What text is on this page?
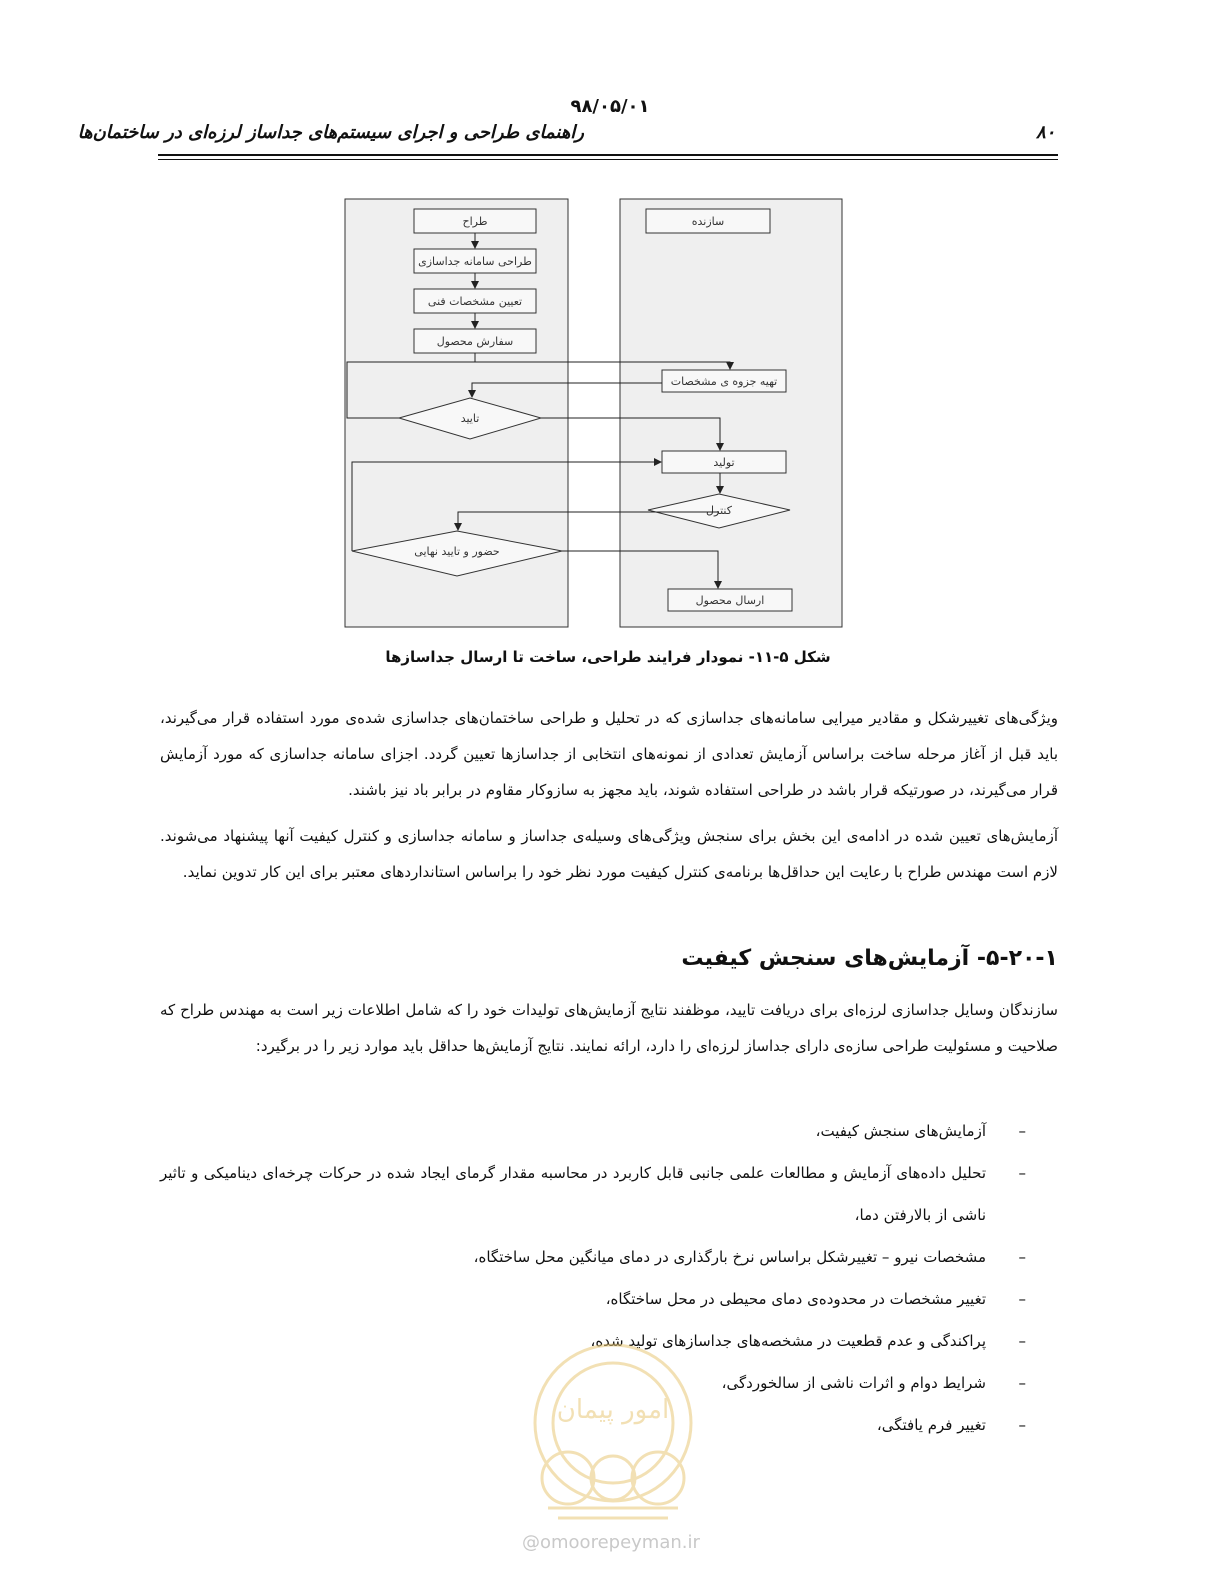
۹۸/۰۵/۰۱
راهنمای طراحی و اجرای سیستم‌های جداساز لرزه‌ای در ساختمان‌ها	۸۰
طراح
طراحی سامانه جداسازی
تعیین مشخصات فنی
سفارش محصول
سازنده
تهیه جزوه ی مشخصات
تولید
ارسال محصول
تایید
کنترل
حضور و تایید نهایی
شکل ۵-۱۱- نمودار فرایند طراحی، ساخت تا ارسال جداسازها

ویژگی‌های تغییرشکل و مقادیر میرایی سامانه‌های جداسازی که در تحلیل و طراحی ساختمان‌های جداسازی شده‌ی مورد استفاده قرار می‌گیرند، باید قبل از آغاز مرحله ساخت براساس آزمایش تعدادی از نمونه‌های انتخابی از جداسازها تعیین گردد. اجزای سامانه جداسازی که مورد آزمایش قرار می‌گیرند، در صورتیکه قرار باشد در طراحی استفاده شوند، باید مجهز به سازوکار مقاوم در برابر باد نیز باشند.

آزمایش‌های تعیین شده در ادامه‌ی این بخش برای سنجش ویژگی‌های وسیله‌ی جداساز و سامانه جداسازی و کنترل کیفیت آنها پیشنهاد می‌شوند. لازم است مهندس طراح با رعایت این حداقل‌ها برنامه‌ی کنترل کیفیت مورد نظر خود را براساس استانداردهای معتبر برای این کار تدوین نماید.

۵-۲۰-۱- آزمایش‌های سنجش کیفیت

سازندگان وسایل جداسازی لرزه‌ای برای دریافت تایید، موظفند نتایج آزمایش‌های تولیدات خود را که شامل اطلاعات زیر است به مهندس طراح که صلاحیت و مسئولیت طراحی سازه‌ی دارای جداساز لرزه‌ای را دارد، ارائه نمایند. نتایج آزمایش‌ها حداقل باید موارد زیر را در برگیرد:

– آزمایش‌های سنجش کیفیت،
– تحلیل داده‌های آزمایش و مطالعات علمی جانبی قابل کاربرد در محاسبه مقدار گرمای ایجاد شده در حرکات چرخه‌ای دینامیکی و تاثیر ناشی از بالارفتن دما،
– مشخصات نیرو – تغییرشکل براساس نرخ بارگذاری در دمای میانگین محل ساختگاه،
– تغییر مشخصات در محدوده‌ی دمای محیطی در محل ساختگاه،
– پراکندگی و عدم قطعیت در مشخصه‌های جداسازهای تولید شده،
– شرایط دوام و اثرات ناشی از سالخوردگی،
– تغییر فرم یافتگی،
امور پیمان
@omoorepeyman.ir
